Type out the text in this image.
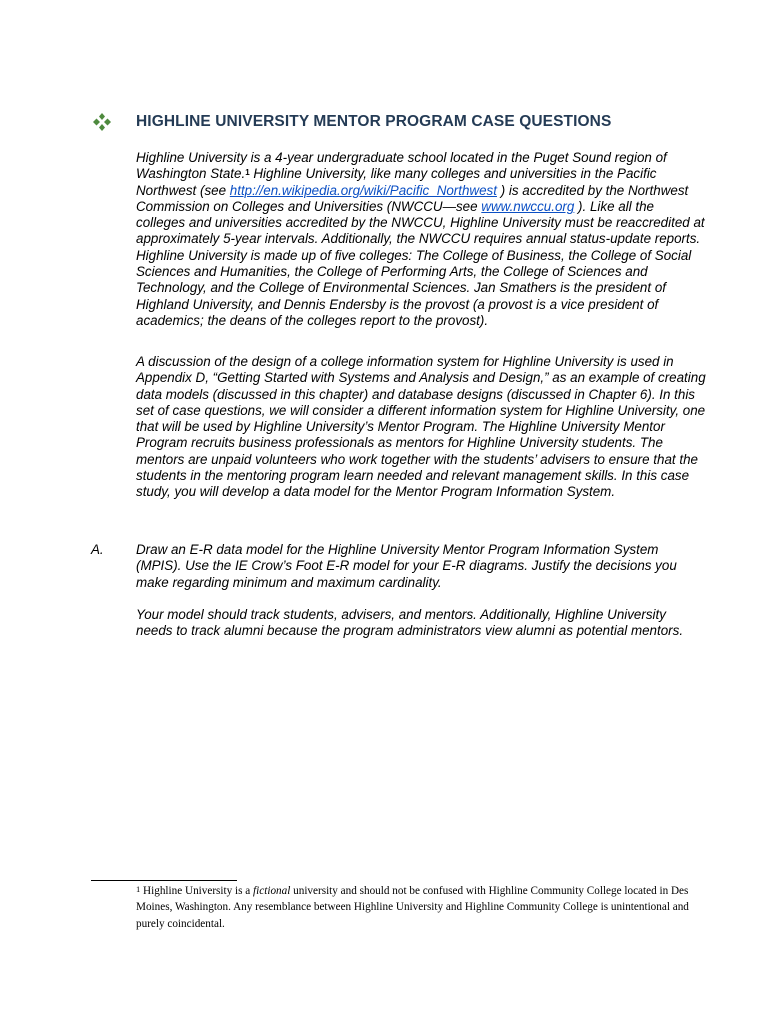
HIGHLINE UNIVERSITY MENTOR PROGRAM CASE QUESTIONS

Highline University is a 4-year undergraduate school located in the Puget Sound region of Washington State.$^1$ Highline University, like many colleges and universities in the Pacific Northwest (see http://en.wikipedia.org/wiki/Pacific_Northwest ) is accredited by the Northwest Commission on Colleges and Universities (NWCCU—see www.nwccu.org ). Like all the colleges and universities accredited by the NWCCU, Highline University must be reaccredited at approximately 5-year intervals. Additionally, the NWCCU requires annual status-update reports. Highline University is made up of five colleges: The College of Business, the College of Social Sciences and Humanities, the College of Performing Arts, the College of Sciences and Technology, and the College of Environmental Sciences. Jan Smathers is the president of Highland University, and Dennis Endersby is the provost (a provost is a vice president of academics; the deans of the colleges report to the provost).

A discussion of the design of a college information system for Highline University is used in Appendix D, “Getting Started with Systems and Analysis and Design,” as an example of creating data models (discussed in this chapter) and database designs (discussed in Chapter 6). In this set of case questions, we will consider a different information system for Highline University, one that will be used by Highline University’s Mentor Program. The Highline University Mentor Program recruits business professionals as mentors for Highline University students. The mentors are unpaid volunteers who work together with the students’ advisers to ensure that the students in the mentoring program learn needed and relevant management skills. In this case study, you will develop a data model for the Mentor Program Information System.

A. Draw an E-R data model for the Highline University Mentor Program Information System (MPIS). Use the IE Crow’s Foot E-R model for your E-R diagrams. Justify the decisions you make regarding minimum and maximum cardinality.

Your model should track students, advisers, and mentors. Additionally, Highline University needs to track alumni because the program administrators view alumni as potential mentors.

$^1$ Highline University is a fictional university and should not be confused with Highline Community College located in Des Moines, Washington. Any resemblance between Highline University and Highline Community College is unintentional and purely coincidental.
